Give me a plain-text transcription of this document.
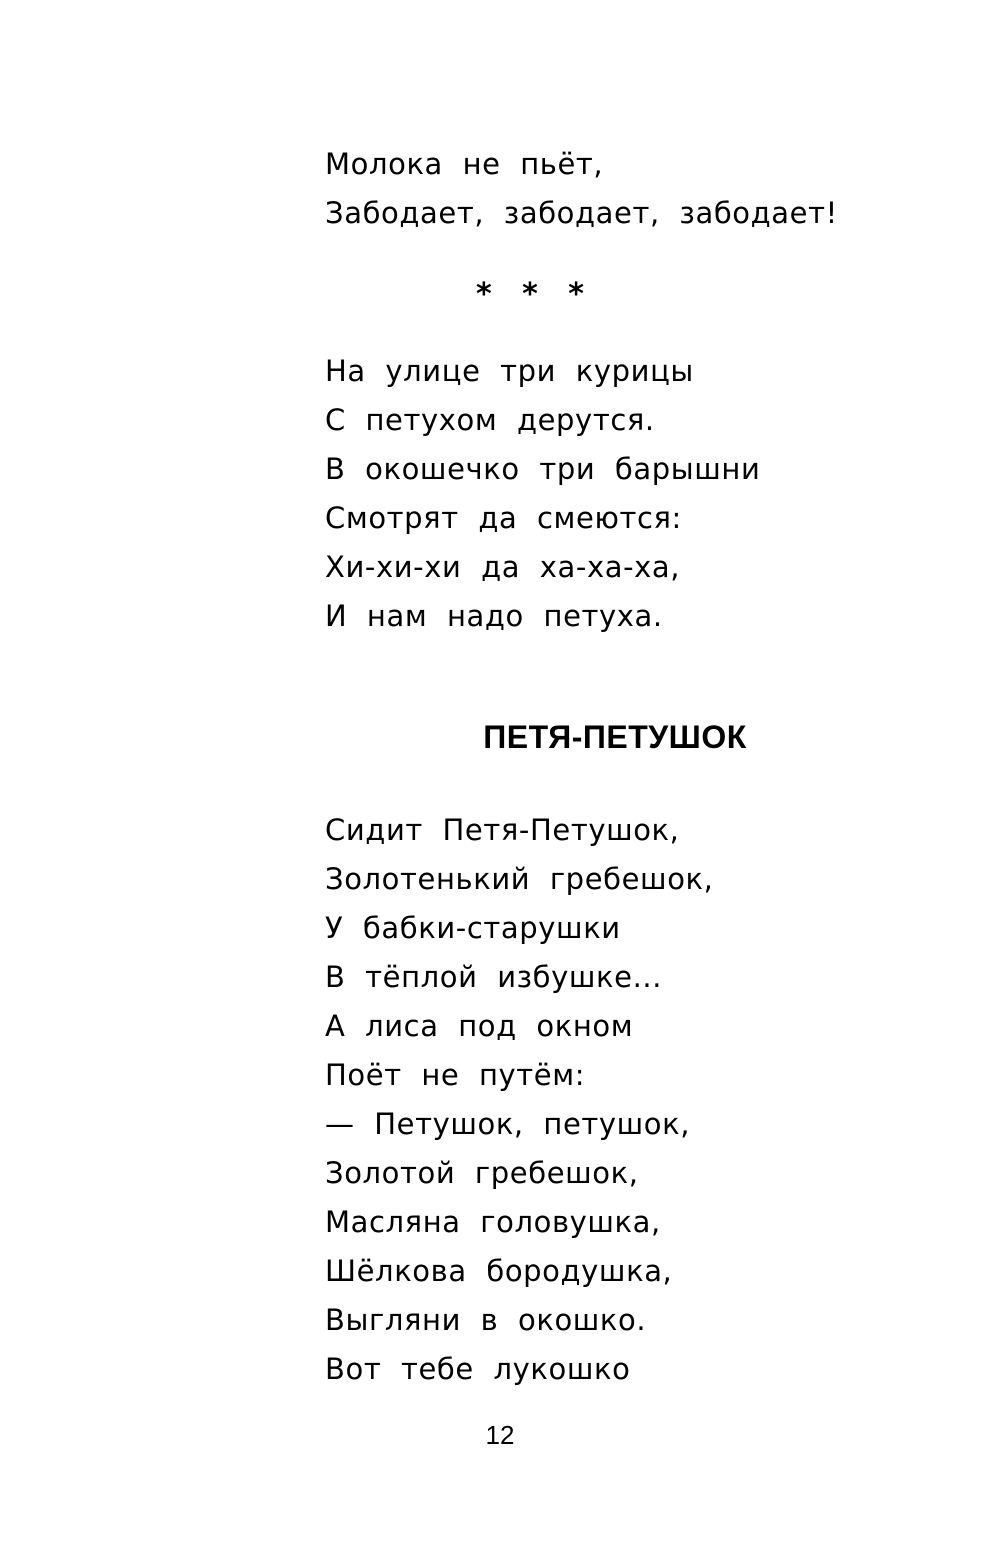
Молока  не  пьёт,
Забодает,  забодает,  забодает!
* * *
На  улице  три  курицы
С  петухом  дерутся.
В  окошечко  три  барышни
Смотрят  да  смеются:
Хи-хи-хи  да  ха-ха-ха,
И  нам  надо  петуха.
ПЕТЯ-ПЕТУШОК
Сидит  Петя-Петушок,
Золотенький  гребешок,
У  бабки-старушки
В  тёплой  избушке...
А  лиса  под  окном
Поёт  не  путём:
—  Петушок,  петушок,
Золотой  гребешок,
Масляна  головушка,
Шёлкова  бородушка,
Выгляни  в  окошко.
Вот  тебе  лукошко
12
